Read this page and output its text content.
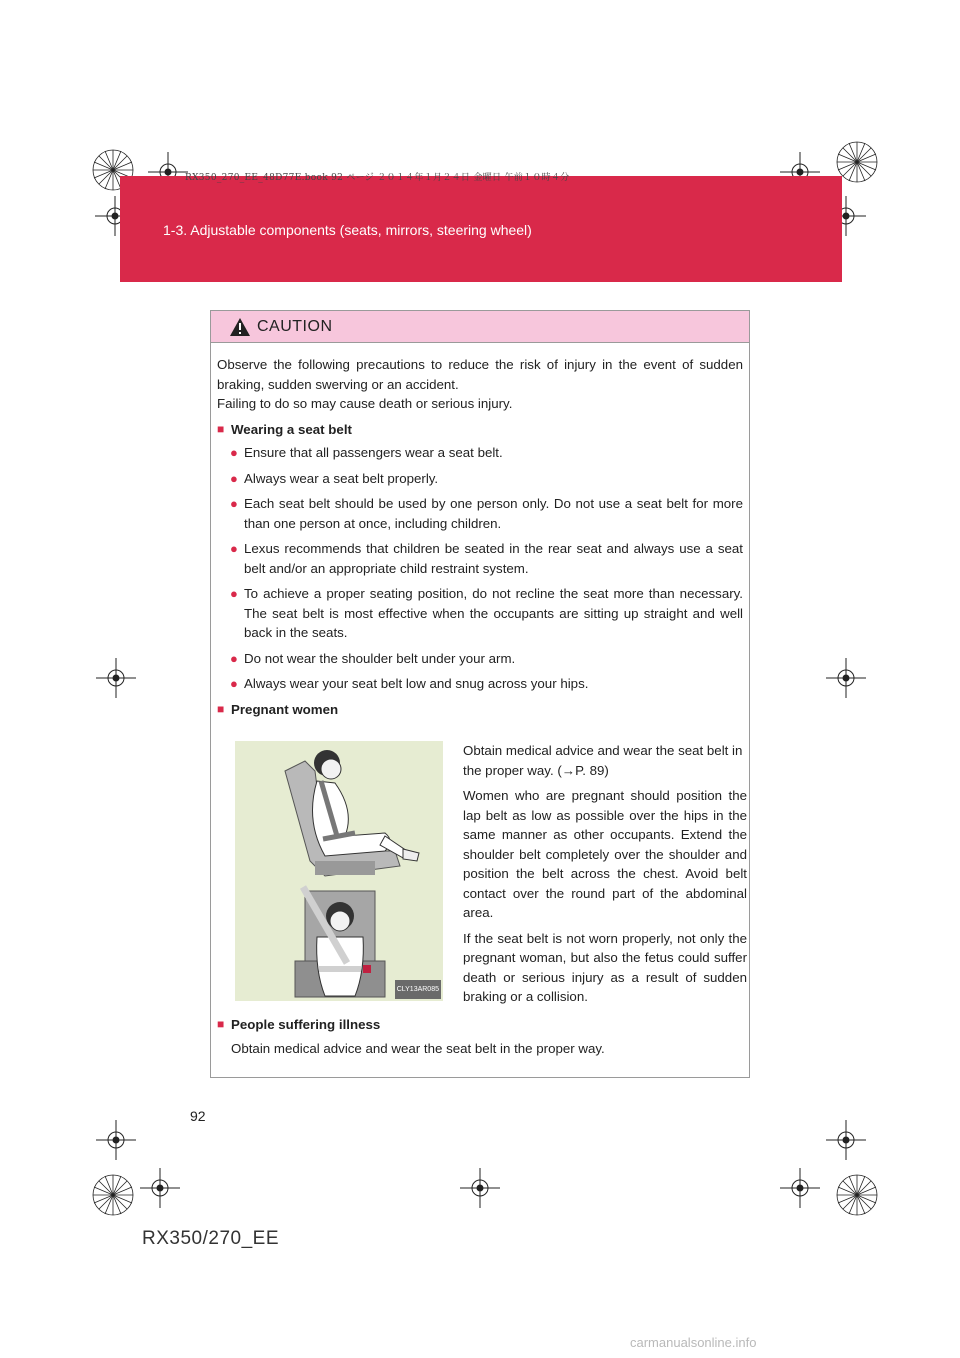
RX350_270_EE_48D77E.book 92 ページ ２０１４年１月２４日 金曜日 午前１０時４分
1-3. Adjustable components (seats, mirrors, steering wheel)
CAUTION

Observe the following precautions to reduce the risk of injury in the event of sudden braking, sudden swerving or an accident.

Failing to do so may cause death or serious injury.

■ Wearing a seat belt
● Ensure that all passengers wear a seat belt.
● Always wear a seat belt properly.
● Each seat belt should be used by one person only. Do not use a seat belt for more than one person at once, including children.
● Lexus recommends that children be seated in the rear seat and always use a seat belt and/or an appropriate child restraint system.
● To achieve a proper seating position, do not recline the seat more than necessary. The seat belt is most effective when the occupants are sitting up straight and well back in the seats.
● Do not wear the shoulder belt under your arm.
● Always wear your seat belt low and snug across your hips.
■ Pregnant women
CLY13AR085

Obtain medical advice and wear the seat belt in the proper way. (→P. 89)

Women who are pregnant should position the lap belt as low as possible over the hips in the same manner as other occupants. Extend the shoulder belt completely over the shoulder and position the belt across the chest. Avoid belt contact over the round part of the abdominal area.

If the seat belt is not worn properly, not only the pregnant woman, but also the fetus could suffer death or serious injury as a result of sudden braking or a collision.

■ People suffering illness
Obtain medical advice and wear the seat belt in the proper way.
92
RX350/270_EE
carmanualsonline.info
